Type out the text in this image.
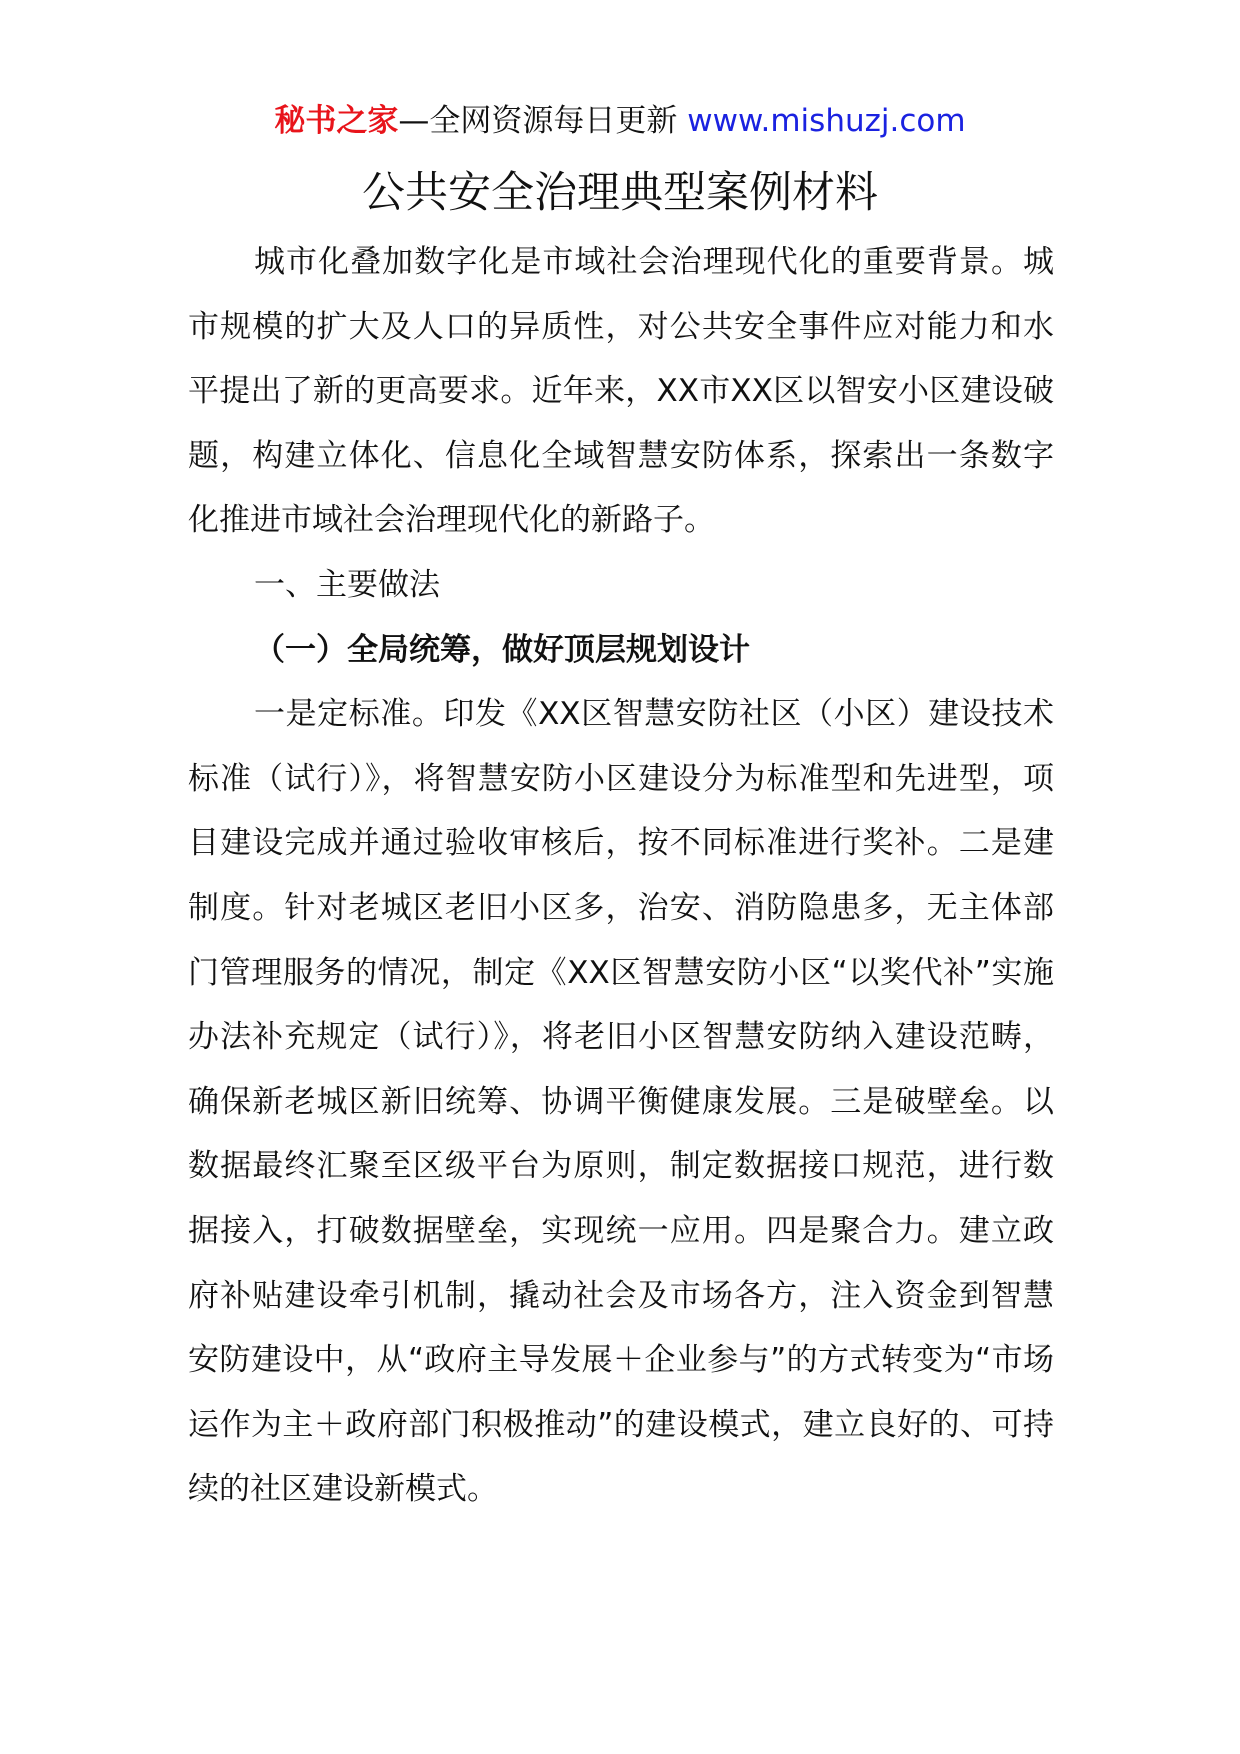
秘书之家—全网资源每日更新 www.mishuzj.com
公共安全治理典型案例材料

城市化叠加数字化是市域社会治理现代化的重要背景。城市规模的扩大及人口的异质性，对公共安全事件应对能力和水平提出了新的更高要求。近年来，XX市XX区以智安小区建设破题，构建立体化、信息化全域智慧安防体系，探索出一条数字化推进市域社会治理现代化的新路子。

一、主要做法

（一）全局统筹，做好顶层规划设计

一是定标准。印发《XX区智慧安防社区（小区）建设技术标准（试行）》，将智慧安防小区建设分为标准型和先进型，项目建设完成并通过验收审核后，按不同标准进行奖补。二是建制度。针对老城区老旧小区多，治安、消防隐患多，无主体部门管理服务的情况，制定《XX区智慧安防小区“以奖代补”实施办法补充规定（试行）》，将老旧小区智慧安防纳入建设范畴，确保新老城区新旧统筹、协调平衡健康发展。三是破壁垒。以数据最终汇聚至区级平台为原则，制定数据接口规范，进行数据接入，打破数据壁垒，实现统一应用。四是聚合力。建立政府补贴建设牵引机制，撬动社会及市场各方，注入资金到智慧安防建设中，从“政府主导发展＋企业参与”的方式转变为“市场运作为主＋政府部门积极推动”的建设模式，建立良好的、可持续的社区建设新模式。
